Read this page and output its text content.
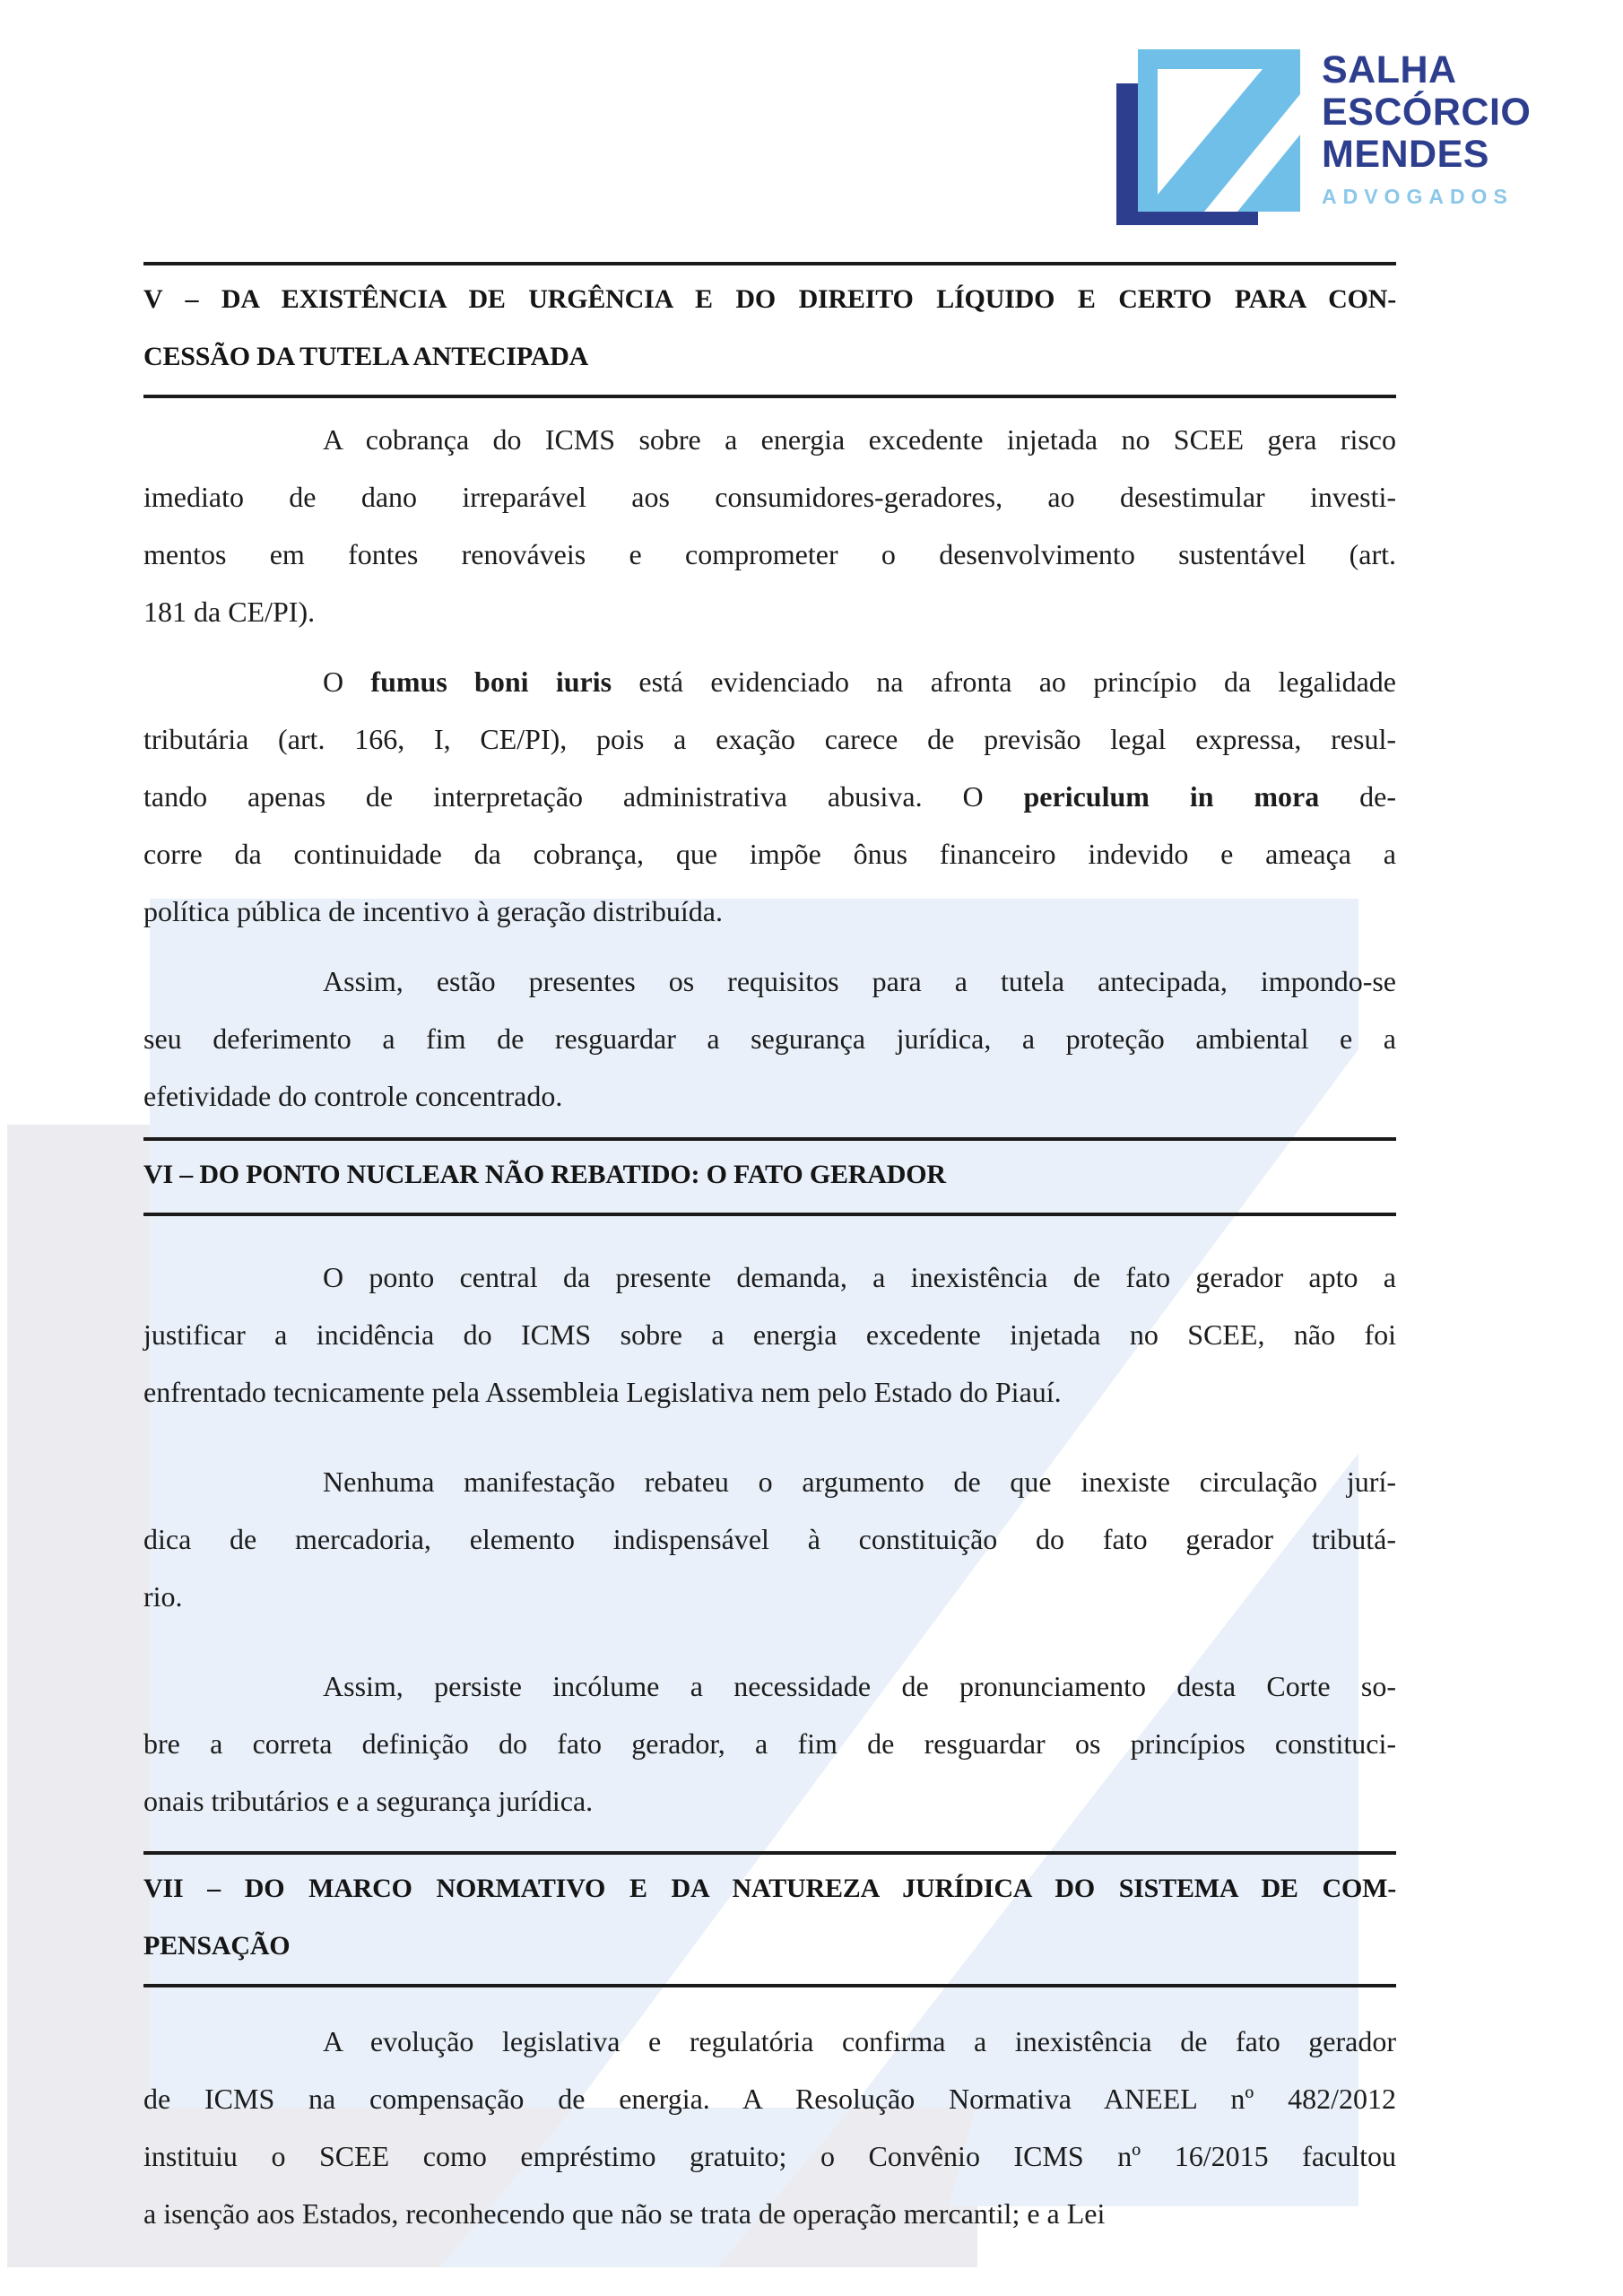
SALHA
ESCÓRCIO
MENDES
ADVOGADOS
V – DA EXISTÊNCIA DE URGÊNCIA E DO DIREITO LÍQUIDO E CERTO PARA CON-
CESSÃO DA TUTELA ANTECIPADA
A cobrança do ICMS sobre a energia excedente injetada no SCEE gera risco
imediato de dano irreparável aos consumidores-geradores, ao desestimular investi-
mentos em fontes renováveis e comprometer o desenvolvimento sustentável (art.
181 da CE/PI).
O fumus boni iuris está evidenciado na afronta ao princípio da legalidade
tributária (art. 166, I, CE/PI), pois a exação carece de previsão legal expressa, resul-
tando apenas de interpretação administrativa abusiva. O periculum in mora de-
corre da continuidade da cobrança, que impõe ônus financeiro indevido e ameaça a
política pública de incentivo à geração distribuída.
Assim, estão presentes os requisitos para a tutela antecipada, impondo-se
seu deferimento a fim de resguardar a segurança jurídica, a proteção ambiental e a
efetividade do controle concentrado.
VI – DO PONTO NUCLEAR NÃO REBATIDO: O FATO GERADOR
O ponto central da presente demanda, a inexistência de fato gerador apto a
justificar a incidência do ICMS sobre a energia excedente injetada no SCEE, não foi
enfrentado tecnicamente pela Assembleia Legislativa nem pelo Estado do Piauí.
Nenhuma manifestação rebateu o argumento de que inexiste circulação jurí-
dica de mercadoria, elemento indispensável à constituição do fato gerador tributá-
rio.
Assim, persiste incólume a necessidade de pronunciamento desta Corte so-
bre a correta definição do fato gerador, a fim de resguardar os princípios constituci-
onais tributários e a segurança jurídica.
VII – DO MARCO NORMATIVO E DA NATUREZA JURÍDICA DO SISTEMA DE COM-
PENSAÇÃO
A evolução legislativa e regulatória confirma a inexistência de fato gerador
de ICMS na compensação de energia. A Resolução Normativa ANEEL nº 482/2012
instituiu o SCEE como empréstimo gratuito; o Convênio ICMS nº 16/2015 facultou
a isenção aos Estados, reconhecendo que não se trata de operação mercantil; e a Lei
